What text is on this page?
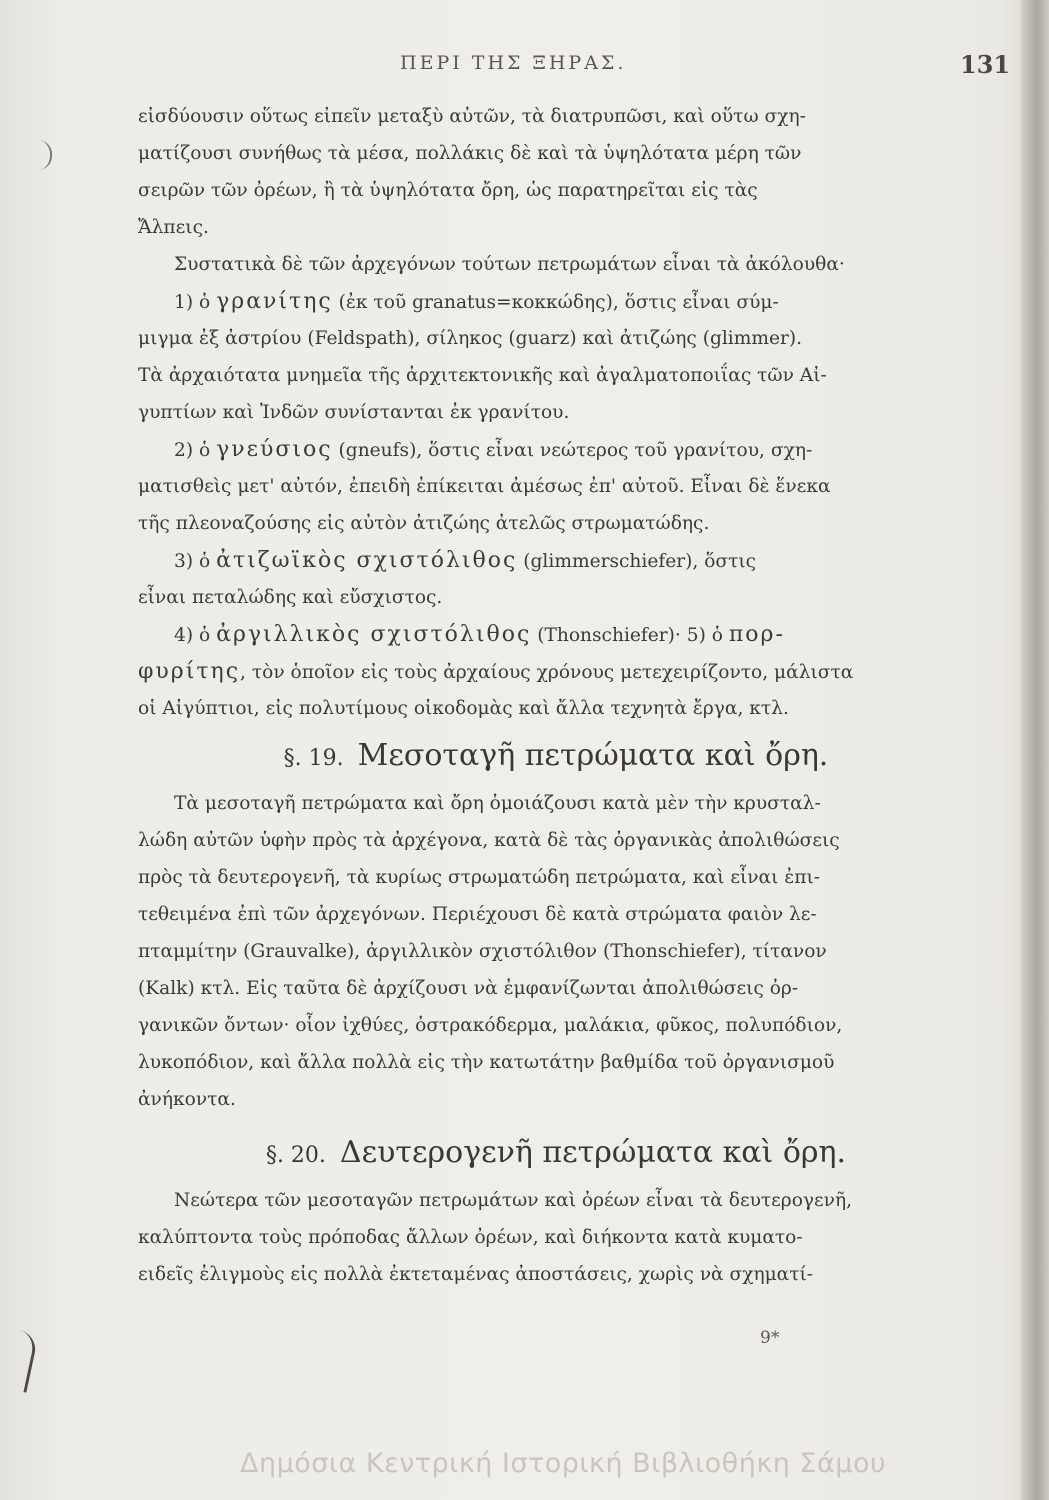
ΠΕΡΙ ΤΗΣ ΞΗΡΑΣ.	131

εἰσδύουσιν οὕτως εἰπεῖν μεταξὺ αὐτῶν, τὰ διατρυπῶσι, καὶ οὕτω σχη-

ματίζουσι συνήθως τὰ μέσα, πολλάκις δὲ καὶ τὰ ὑψηλότατα μέρη τῶν

σειρῶν τῶν ὀρέων, ἢ τὰ ὑψηλότατα ὄρη, ὡς παρατηρεῖται εἰς τὰς

Ἄλπεις.

Συστατικὰ δὲ τῶν ἀρχεγόνων τούτων πετρωμάτων εἶναι τὰ ἀκόλουθα·

1) ὁ γρανίτης (ἐκ τοῦ granatus=κοκκώδης), ὅστις εἶναι σύμ-

μιγμα ἐξ ἀστρίου (Feldspath), σίληκος (guarz) καὶ ἀτιζώης (glimmer).

Τὰ ἀρχαιότατα μνημεῖα τῆς ἀρχιτεκτονικῆς καὶ ἀγαλματοποιΐας τῶν Αἰ-

γυπτίων καὶ Ἰνδῶν συνίστανται ἐκ γρανίτου.

2) ὁ γνεύσιος (gneufs), ὅστις εἶναι νεώτερος τοῦ γρανίτου, σχη-

ματισθεὶς μετ' αὐτόν, ἐπειδὴ ἐπίκειται ἀμέσως ἐπ' αὐτοῦ. Εἶναι δὲ ἕνεκα

τῆς πλεοναζούσης εἰς αὐτὸν ἀτιζώης ἀτελῶς στρωματώδης.

3) ὁ ἀτιζωϊκὸς σχιστόλιθος (glimmerschiefer), ὅστις

εἶναι πεταλώδης καὶ εὔσχιστος.

4) ὁ ἀργιλλικὸς σχιστόλιθος (Thonschiefer)· 5) ὁ πορ-
φυρίτης, τὸν ὁποῖον εἰς τοὺς ἀρχαίους χρόνους μετεχειρίζοντο, μάλιστα

οἱ Αἰγύπτιοι, εἰς πολυτίμους οἰκοδομὰς καὶ ἄλλα τεχνητὰ ἔργα, κτλ.

§. 19. Μεσοταγῆ πετρώματα καὶ ὄρη.

Τὰ μεσοταγῆ πετρώματα καὶ ὄρη ὁμοιάζουσι κατὰ μὲν τὴν κρυσταλ-

λώδη αὐτῶν ὑφὴν πρὸς τὰ ἀρχέγονα, κατὰ δὲ τὰς ὀργανικὰς ἀπολιθώσεις

πρὸς τὰ δευτερογενῆ, τὰ κυρίως στρωματώδη πετρώματα, καὶ εἶναι ἐπι-

τεθειμένα ἐπὶ τῶν ἀρχεγόνων. Περιέχουσι δὲ κατὰ στρώματα φαιὸν λε-

πταμμίτην (Grauvalke), ἀργιλλικὸν σχιστόλιθον (Thonschiefer), τίτανον

(Kalk) κτλ. Εἰς ταῦτα δὲ ἀρχίζουσι νὰ ἐμφανίζωνται ἀπολιθώσεις ὀρ-

γανικῶν ὄντων· οἷον ἰχθύες, ὀστρακόδερμα, μαλάκια, φῦκος, πολυπόδιον,

λυκοπόδιον, καὶ ἄλλα πολλὰ εἰς τὴν κατωτάτην βαθμίδα τοῦ ὀργανισμοῦ

ἀνήκοντα.

§. 20. Δευτερογενῆ πετρώματα καὶ ὄρη.

Νεώτερα τῶν μεσοταγῶν πετρωμάτων καὶ ὀρέων εἶναι τὰ δευτερογενῆ,

καλύπτοντα τοὺς πρόποδας ἄλλων ὀρέων, καὶ διήκοντα κατὰ κυματο-

ειδεῖς ἑλιγμοὺς εἰς πολλὰ ἐκτεταμένας ἀποστάσεις, χωρὶς νὰ σχηματί-

9*
Δημόσια Κεντρική Ιστορική Βιβλιοθήκη Σάμου
